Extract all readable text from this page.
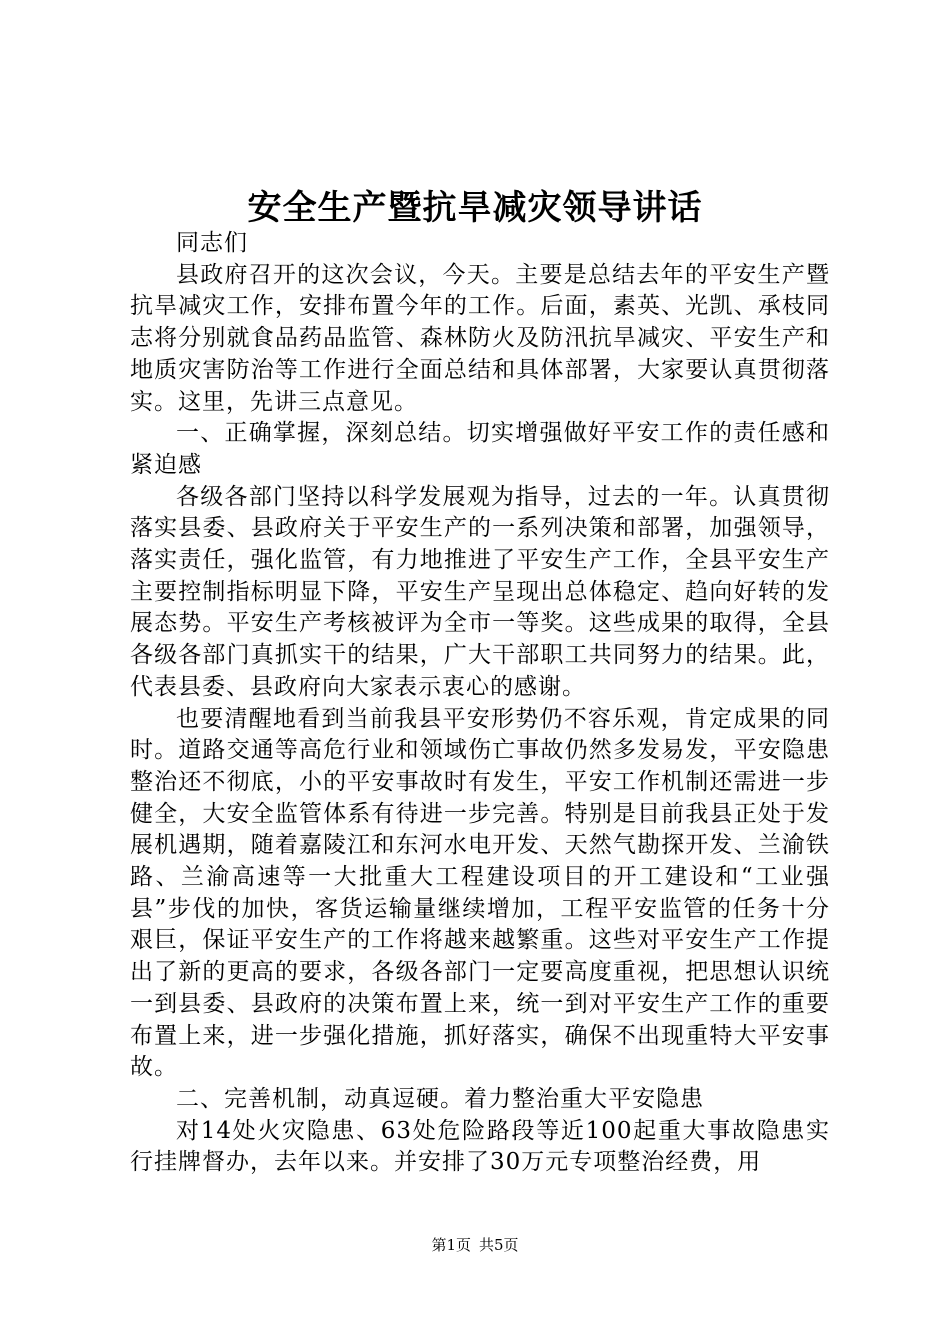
安全生产暨抗旱减灾领导讲话

同志们

县政府召开的这次会议，今天。主要是总结去年的平安生产暨抗旱减灾工作，安排布置今年的工作。后面，素英、光凯、承枝同志将分别就食品药品监管、森林防火及防汛抗旱减灾、平安生产和地质灾害防治等工作进行全面总结和具体部署，大家要认真贯彻落实。这里，先讲三点意见。

一、正确掌握，深刻总结。切实增强做好平安工作的责任感和紧迫感

各级各部门坚持以科学发展观为指导，过去的一年。认真贯彻落实县委、县政府关于平安生产的一系列决策和部署，加强领导，落实责任，强化监管，有力地推进了平安生产工作，全县平安生产主要控制指标明显下降，平安生产呈现出总体稳定、趋向好转的发展态势。平安生产考核被评为全市一等奖。这些成果的取得，全县各级各部门真抓实干的结果，广大干部职工共同努力的结果。此，代表县委、县政府向大家表示衷心的感谢。

也要清醒地看到当前我县平安形势仍不容乐观，肯定成果的同时。道路交通等高危行业和领域伤亡事故仍然多发易发，平安隐患整治还不彻底，小的平安事故时有发生，平安工作机制还需进一步健全，大安全监管体系有待进一步完善。特别是目前我县正处于发展机遇期，随着嘉陵江和东河水电开发、天然气勘探开发、兰渝铁路、兰渝高速等一大批重大工程建设项目的开工建设和“工业强县”步伐的加快，客货运输量继续增加，工程平安监管的任务十分艰巨，保证平安生产的工作将越来越繁重。这些对平安生产工作提出了新的更高的要求，各级各部门一定要高度重视，把思想认识统一到县委、县政府的决策布置上来，统一到对平安生产工作的重要布置上来，进一步强化措施，抓好落实，确保不出现重特大平安事故。

二、完善机制，动真逗硬。着力整治重大平安隐患

对14处火灾隐患、63处危险路段等近100起重大事故隐患实行挂牌督办，去年以来。并安排了30万元专项整治经费，用

第1页 共5页
